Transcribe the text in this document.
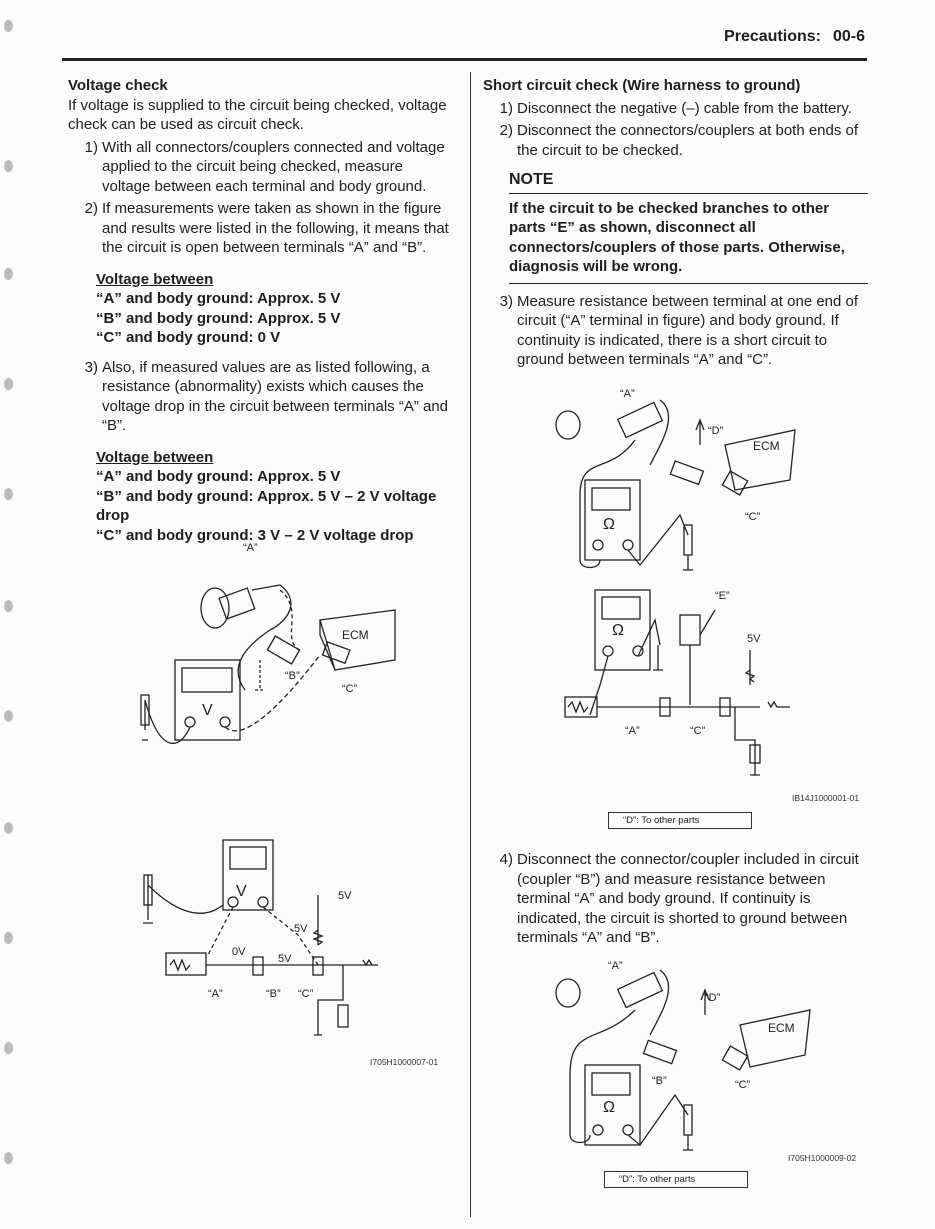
Precautions: 00-6
Voltage check
If voltage is supplied to the circuit being checked, voltage check can be used as circuit check.
1) With all connectors/couplers connected and voltage applied to the circuit being checked, measure voltage between each terminal and body ground.
2) If measurements were taken as shown in the figure and results were listed in the following, it means that the circuit is open between terminals “A” and “B”.
Voltage between
“A” and body ground: Approx. 5 V
“B” and body ground: Approx. 5 V
“C” and body ground: 0 V
3) Also, if measured values are as listed following, a resistance (abnormality) exists which causes the voltage drop in the circuit between terminals “A” and “B”.
Voltage between
“A” and body ground: Approx. 5 V
“B” and body ground: Approx. 5 V – 2 V voltage drop
“C” and body ground: 3 V – 2 V voltage drop
“A”
ECM
“B”
“C”
V
V	5V
5V
0V
5V
“A”	“B” “C”
I705H1000007-01
Short circuit check (Wire harness to ground)
1) Disconnect the negative (–) cable from the battery.
2) Disconnect the connectors/couplers at both ends of the circuit to be checked.
NOTE
If the circuit to be checked branches to other parts “E” as shown, disconnect all connectors/couplers of those parts. Otherwise, diagnosis will be wrong.
3) Measure resistance between terminal at one end of circuit (“A” terminal in figure) and body ground. If continuity is indicated, there is a short circuit to ground between terminals “A” and “C”.
“A”
“D”
ECM
“C”
Ω
“E”
5V
Ω
“A”	“C”
IB14J1000001-01
“D”: To other parts
4) Disconnect the connector/coupler included in circuit (coupler “B”) and measure resistance between terminal “A” and body ground. If continuity is indicated, the circuit is shorted to ground between terminals “A” and “B”.
“A”
“D”
ECM
“B”	“C”
Ω
I705H1000009-02
“D”: To other parts
